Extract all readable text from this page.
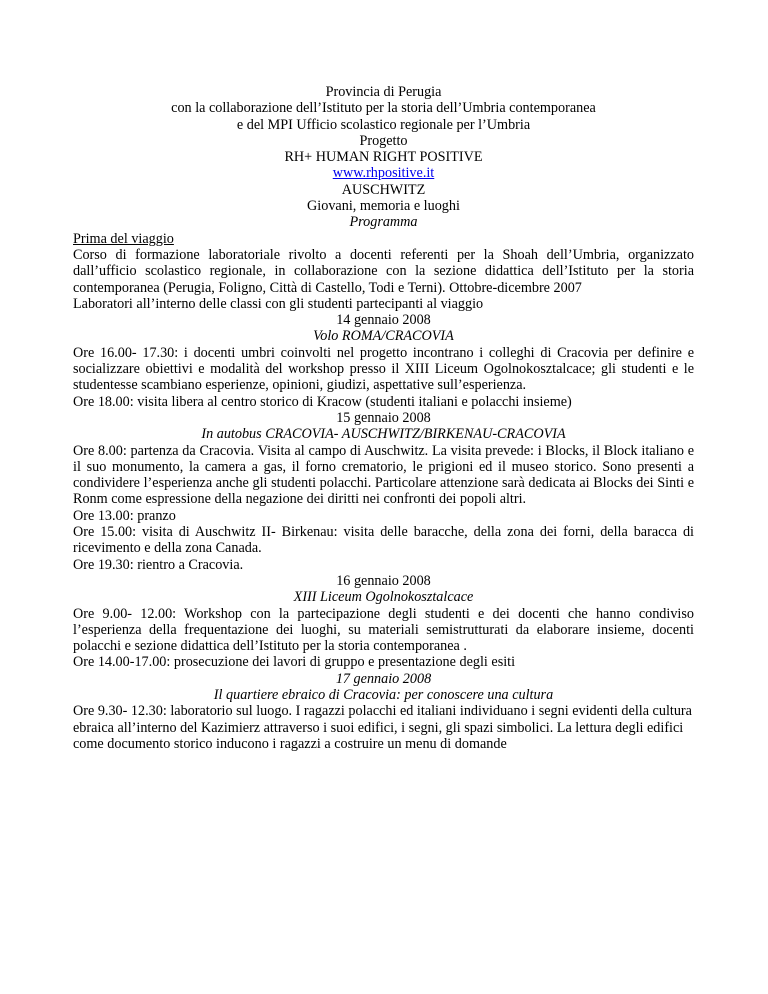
Provincia di Perugia
con la collaborazione dell’Istituto per la storia dell’Umbria contemporanea
e del MPI Ufficio scolastico regionale per l’Umbria
Progetto
RH+ HUMAN RIGHT POSITIVE
www.rhpositive.it
AUSCHWITZ
Giovani, memoria e luoghi
Programma
Prima del viaggio
Corso di formazione laboratoriale rivolto a docenti referenti per la Shoah dell’Umbria, organizzato dall’ufficio scolastico regionale, in collaborazione con la sezione didattica dell’Istituto per la storia contemporanea (Perugia, Foligno, Città di Castello, Todi e Terni). Ottobre-dicembre 2007
Laboratori all’interno delle classi con gli studenti partecipanti al viaggio
14 gennaio 2008
Volo ROMA/CRACOVIA
Ore 16.00- 17.30: i docenti umbri coinvolti nel progetto incontrano i colleghi di Cracovia per definire e socializzare obiettivi e modalità del workshop presso il XIII Liceum Ogolnokosztalcace; gli studenti e le studentesse scambiano esperienze, opinioni, giudizi, aspettative sull’esperienza.
Ore 18.00: visita libera al centro storico di Kracow (studenti italiani e polacchi insieme)
15 gennaio 2008
In autobus CRACOVIA- AUSCHWITZ/BIRKENAU-CRACOVIA
Ore 8.00: partenza da Cracovia. Visita al campo di Auschwitz. La visita prevede: i Blocks, il Block italiano e il suo monumento, la camera a gas, il forno crematorio, le prigioni ed il museo storico. Sono presenti a condividere l’esperienza anche gli studenti polacchi. Particolare attenzione sarà dedicata ai Blocks dei Sinti e Ronm come espressione della negazione dei diritti nei confronti dei popoli altri.
Ore 13.00: pranzo
Ore 15.00: visita di Auschwitz II- Birkenau: visita delle baracche, della zona dei forni, della baracca di ricevimento e della zona Canada.
Ore 19.30: rientro a Cracovia.
16 gennaio 2008
XIII Liceum Ogolnokosztalcace
Ore 9.00- 12.00: Workshop con la partecipazione degli studenti e dei docenti che hanno condiviso l’esperienza della frequentazione dei luoghi, su materiali semistrutturati da elaborare insieme, docenti polacchi e sezione didattica dell’Istituto per la storia contemporanea .
Ore 14.00-17.00: prosecuzione dei lavori di gruppo e presentazione degli esiti
17 gennaio 2008
Il quartiere ebraico di Cracovia: per conoscere una cultura
Ore 9.30- 12.30: laboratorio sul luogo. I ragazzi polacchi ed italiani individuano i segni evidenti della cultura ebraica all’interno del Kazimierz attraverso i suoi edifici, i segni, gli spazi simbolici. La lettura degli edifici come documento storico inducono i ragazzi a costruire un menu di domande
